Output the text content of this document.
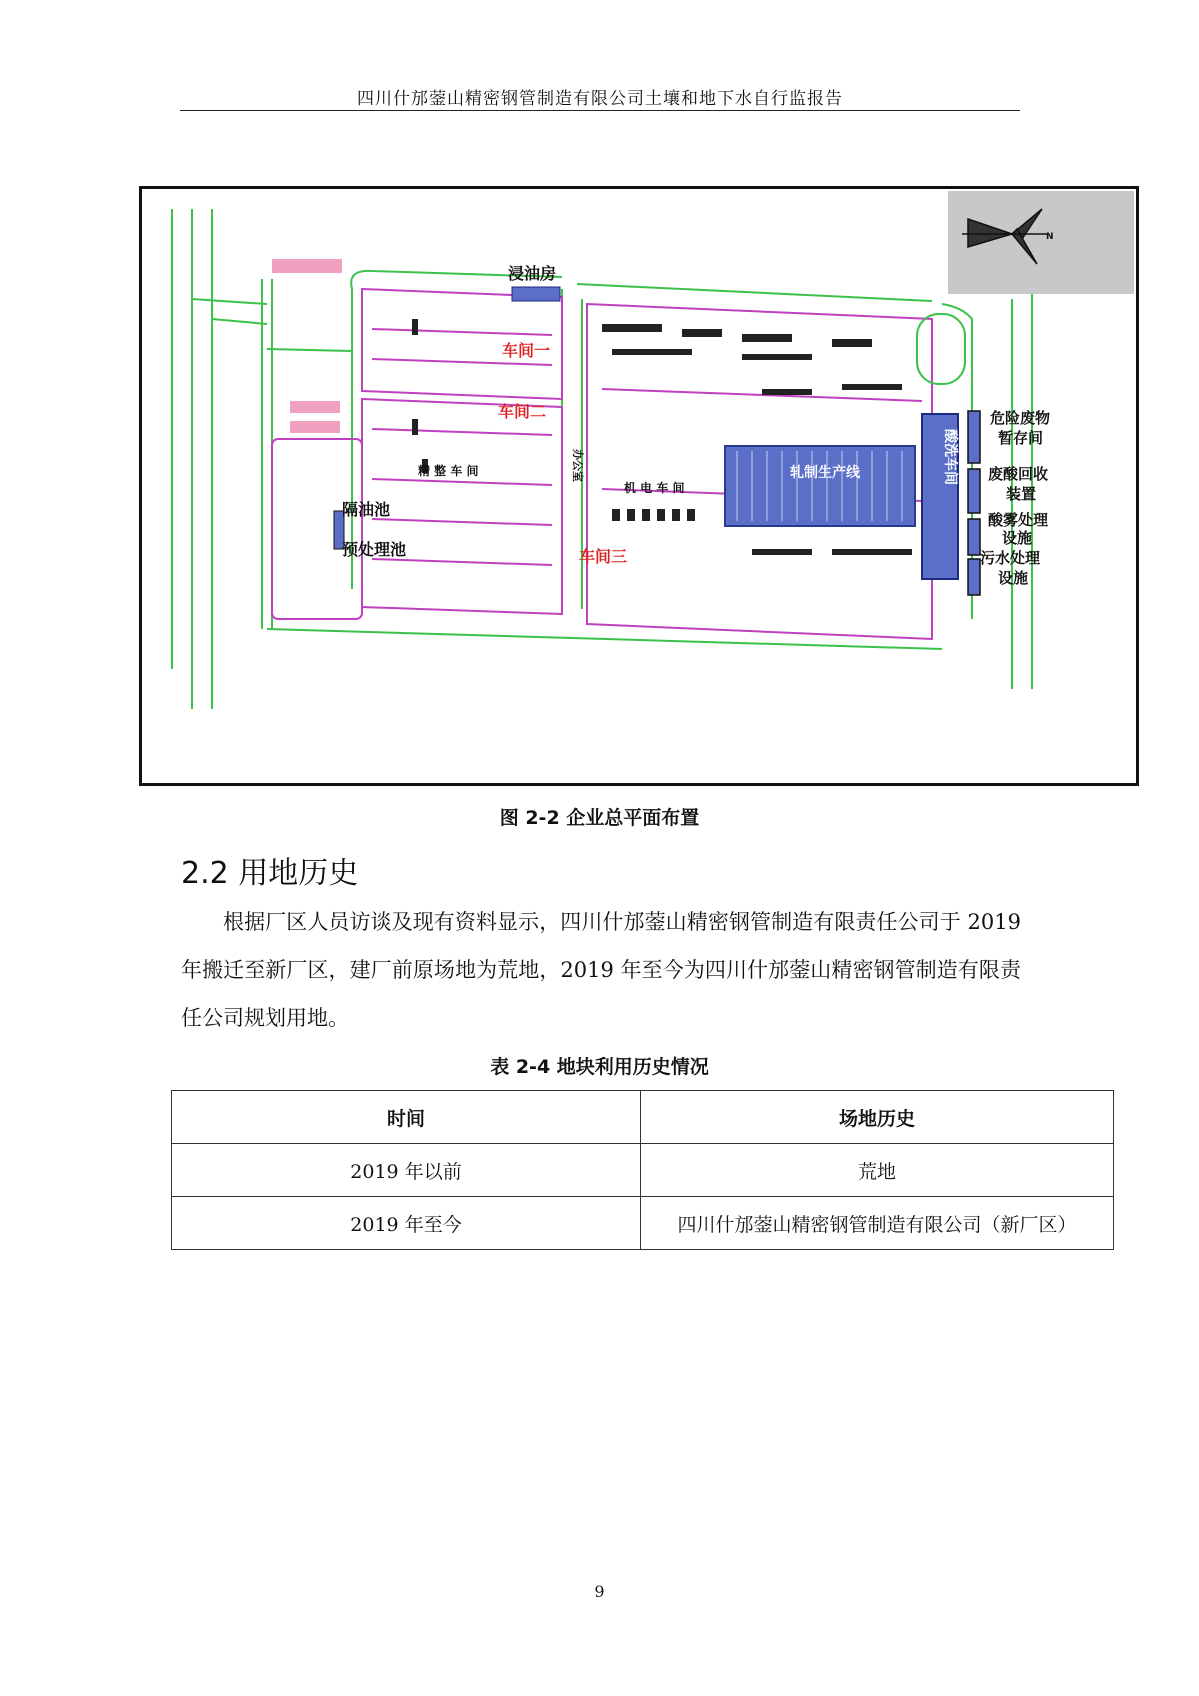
四川什邡蓥山精密钢管制造有限公司土壤和地下水自行监报告
浸油房
车间一
车间二
车间三
精 整 车 间
机 电 车 间
轧制生产线	酸洗车间
办公室
隔油池
预处理池
危险废物
暂存间
废酸回收
装置
酸雾处理
设施
污水处理
设施
N
图 2-2 企业总平面布置
2.2 用地历史
根据厂区人员访谈及现有资料显示，四川什邡蓥山精密钢管制造有限责任公司于 2019 年搬迁至新厂区，建厂前原场地为荒地，2019 年至今为四川什邡蓥山精密钢管制造有限责任公司规划用地。
表 2-4 地块利用历史情况
时间	场地历史
2019 年以前	荒地
2019 年至今	四川什邡蓥山精密钢管制造有限公司（新厂区）
9
